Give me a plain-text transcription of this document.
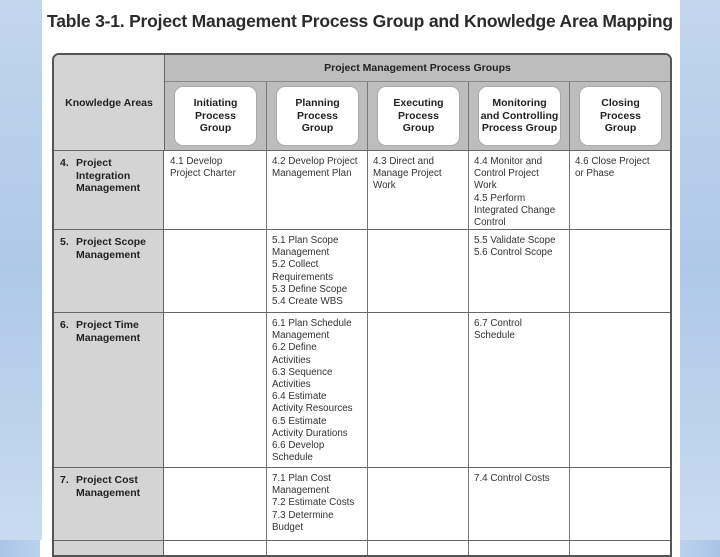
Table 3-1. Project Management Process Group and Knowledge Area Mapping
Knowledge Areas
Project Management Process Groups
Initiating
Process
Group
Planning
Process
Group
Executing
Process
Group
Monitoring
and Controlling
Process Group
Closing
Process
Group
4. Project
Integration
Management
4.1 Develop
Project Charter
4.2 Develop Project
Management Plan
4.3 Direct and
Manage Project
Work
4.4 Monitor and
Control Project
Work
4.5 Perform
Integrated Change
Control
4.6 Close Project
or Phase
5. Project Scope
Management
5.1 Plan Scope
Management
5.2 Collect
Requirements
5.3 Define Scope
5.4 Create WBS
5.5 Validate Scope
5.6 Control Scope
6. Project Time
Management
6.1 Plan Schedule
Management
6.2 Define
Activities
6.3 Sequence
Activities
6.4 Estimate
Activity Resources
6.5 Estimate
Activity Durations
6.6 Develop
Schedule
6.7 Control
Schedule
7. Project Cost
Management
7.1 Plan Cost
Management
7.2 Estimate Costs
7.3 Determine
Budget
7.4 Control Costs
